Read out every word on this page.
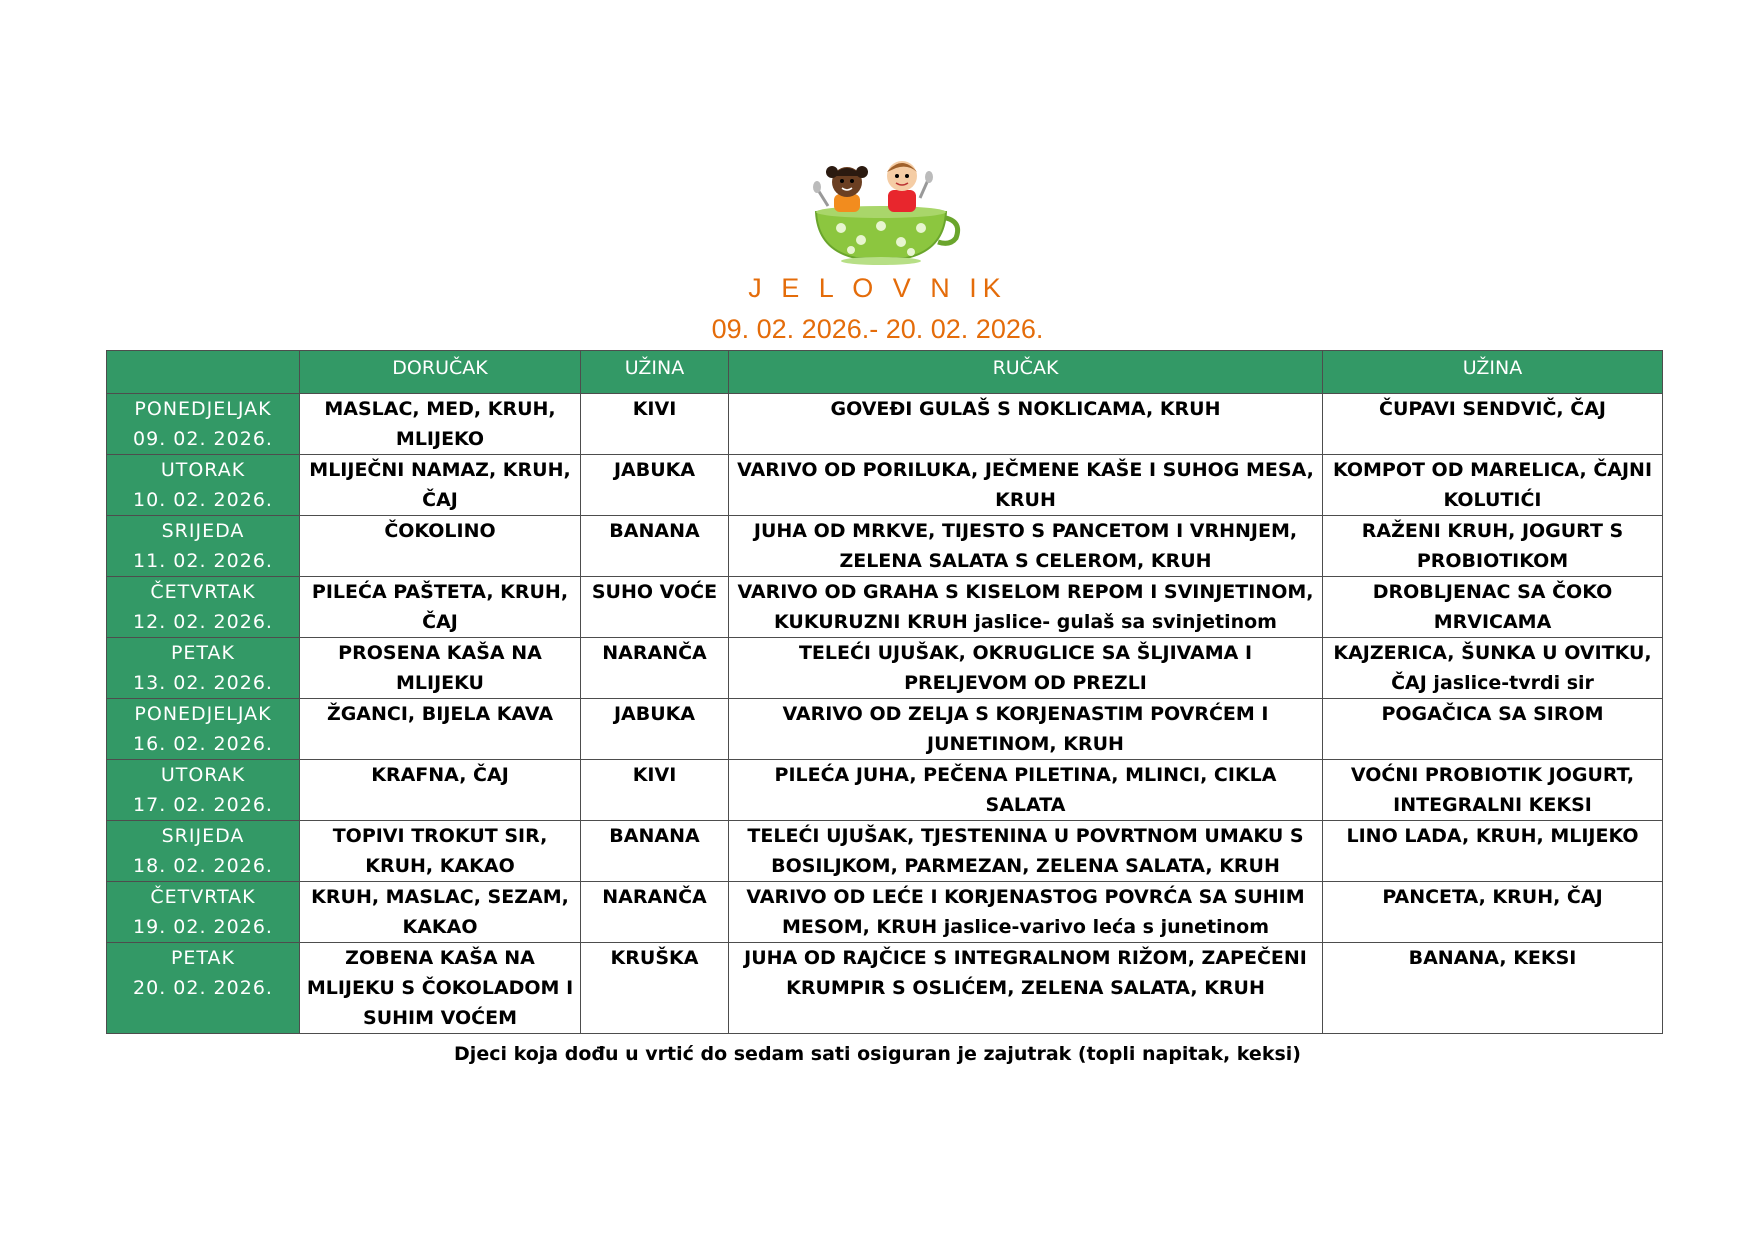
J E L O V N IK
09. 02. 2026.- 20. 02. 2026.
	DORUČAK	UŽINA	RUČAK	UŽINA

PONEDJELJAK
09. 02. 2026.	MASLAC, MED, KRUH, MLIJEKO	KIVI	GOVEĐI GULAŠ S NOKLICAMA, KRUH	ČUPAVI SENDVIČ, ČAJ

UTORAK
10. 02. 2026.	MLIJEČNI NAMAZ, KRUH, ČAJ	JABUKA	VARIVO OD PORILUKA, JEČMENE KAŠE I SUHOG MESA, KRUH	KOMPOT OD MARELICA, ČAJNI KOLUTIĆI

SRIJEDA
11. 02. 2026.	ČOKOLINO	BANANA	JUHA OD MRKVE, TIJESTO S PANCETOM I VRHNJEM, ZELENA SALATA S CELEROM, KRUH	RAŽENI KRUH, JOGURT S PROBIOTIKOM

ČETVRTAK
12. 02. 2026.	PILEĆA PAŠTETA, KRUH, ČAJ	SUHO VOĆE	VARIVO OD GRAHA S KISELOM REPOM I SVINJETINOM, KUKURUZNI KRUH jaslice- gulaš sa svinjetinom	DROBLJENAC SA ČOKO MRVICAMA

PETAK
13. 02. 2026.	PROSENA KAŠA NA MLIJEKU	NARANČA	TELEĆI UJUŠAK, OKRUGLICE SA ŠLJIVAMA I PRELJEVOM OD PREZLI	KAJZERICA, ŠUNKA U OVITKU, ČAJ jaslice-tvrdi sir

PONEDJELJAK
16. 02. 2026.	ŽGANCI, BIJELA KAVA	JABUKA	VARIVO OD ZELJA S KORJENASTIM POVRĆEM I JUNETINOM, KRUH	POGAČICA SA SIROM

UTORAK
17. 02. 2026.	KRAFNA, ČAJ	KIVI	PILEĆA JUHA, PEČENA PILETINA, MLINCI, CIKLA SALATA	VOĆNI PROBIOTIK JOGURT, INTEGRALNI KEKSI

SRIJEDA
18. 02. 2026.	TOPIVI TROKUT SIR, KRUH, KAKAO	BANANA	TELEĆI UJUŠAK, TJESTENINA U POVRTNOM UMAKU S BOSILJKOM, PARMEZAN, ZELENA SALATA, KRUH	LINO LADA, KRUH, MLIJEKO

ČETVRTAK
19. 02. 2026.	KRUH, MASLAC, SEZAM, KAKAO	NARANČA	VARIVO OD LEĆE I KORJENASTOG POVRĆA SA SUHIM MESOM, KRUH jaslice-varivo leća s junetinom	PANCETA, KRUH, ČAJ

PETAK
20. 02. 2026.	ZOBENA KAŠA NA MLIJEKU S ČOKOLADOM I SUHIM VOĆEM	KRUŠKA	JUHA OD RAJČICE S INTEGRALNOM RIŽOM, ZAPEČENI KRUMPIR S OSLIĆEM, ZELENA SALATA, KRUH	BANANA, KEKSI
Djeci koja dođu u vrtić do sedam sati osiguran je zajutrak (topli napitak, keksi)
